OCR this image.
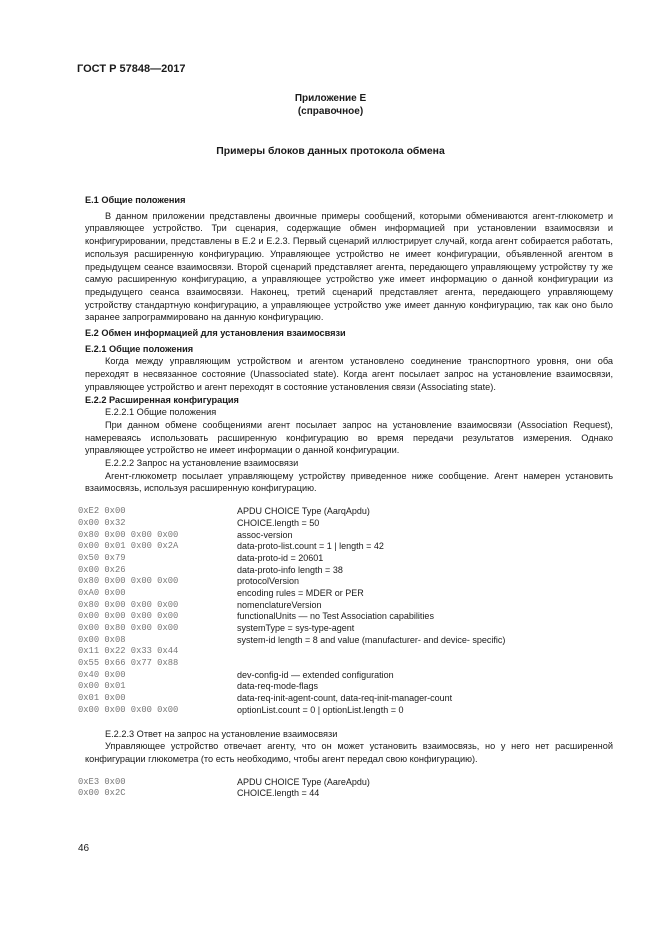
ГОСТ Р 57848—2017
Приложение Е
(справочное)
Примеры блоков данных протокола обмена
Е.1 Общие положения

В данном приложении представлены двоичные примеры сообщений, которыми обмениваются агент-глюкометр и управляющее устройство. Три сценария, содержащие обмен информацией при установлении взаимосвязи и конфигурировании, представлены в Е.2 и Е.2.3. Первый сценарий иллюстрирует случай, когда агент собирается работать, используя расширенную конфигурацию. Управляющее устройство не имеет конфигурации, объявленной агентом в предыдущем сеансе взаимосвязи. Второй сценарий представляет агента, передающего управляющему устройству ту же самую расширенную конфигурацию, а управляющее устройство уже имеет информацию о данной конфигурации из предыдущего сеанса взаимосвязи. Наконец, третий сценарий представляет агента, передающего управляющему устройству стандартную конфигурацию, а управляющее устройство уже имеет данную конфигурацию, так как оно было заранее запрограммировано на данную конфигурацию.

Е.2 Обмен информацией для установления взаимосвязи
Е.2.1 Общие положения

Когда между управляющим устройством и агентом установлено соединение транспортного уровня, они оба переходят в несвязанное состояние (Unassociated state). Когда агент посылает запрос на установление взаимосвязи, управляющее устройство и агент переходят в состояние установления связи (Associating state).

Е.2.2 Расширенная конфигурация
Е.2.2.1 Общие положения

При данном обмене сообщениями агент посылает запрос на установление взаимосвязи (Association Request), намереваясь использовать расширенную конфигурацию во время передачи результатов измерения. Однако управляющее устройство не имеет информации о данной конфигурации.

Е.2.2.2 Запрос на установление взаимосвязи

Агент-глюкометр посылает управляющему устройству приведенное ниже сообщение. Агент намерен установить взаимосвязь, используя расширенную конфигурацию.

0xE2 0x00	APDU CHOICE Type (AarqApdu)
0x00 0x32	CHOICE.length = 50
0x80 0x00 0x00 0x00	assoc-version
0x00 0x01 0x00 0x2A	data-proto-list.count = 1 | length = 42
0x50 0x79	data-proto-id = 20601
0x00 0x26	data-proto-info length = 38
0x80 0x00 0x00 0x00	protocolVersion
0xA0 0x00	encoding rules = MDER or PER
0x80 0x00 0x00 0x00	nomenclatureVersion
0x00 0x00 0x00 0x00	functionalUnits — no Test Association capabilities
0x00 0x80 0x00 0x00	systemType = sys-type-agent
0x00 0x08	system-id length = 8 and value (manufacturer- and device- specific)
0x11 0x22 0x33 0x44
0x55 0x66 0x77 0x88
0x40 0x00	dev-config-id — extended configuration
0x00 0x01	data-req-mode-flags
0x01 0x00	data-req-init-agent-count, data-req-init-manager-count
0x00 0x00 0x00 0x00	optionList.count = 0 | optionList.length = 0
Е.2.2.3 Ответ на запрос на установление взаимосвязи

Управляющее устройство отвечает агенту, что он может установить взаимосвязь, но у него нет расширенной конфигурации глюкометра (то есть необходимо, чтобы агент передал свою конфигурацию).

0xE3 0x00	APDU CHOICE Type (AareApdu)
0x00 0x2C	CHOICE.length = 44
46
